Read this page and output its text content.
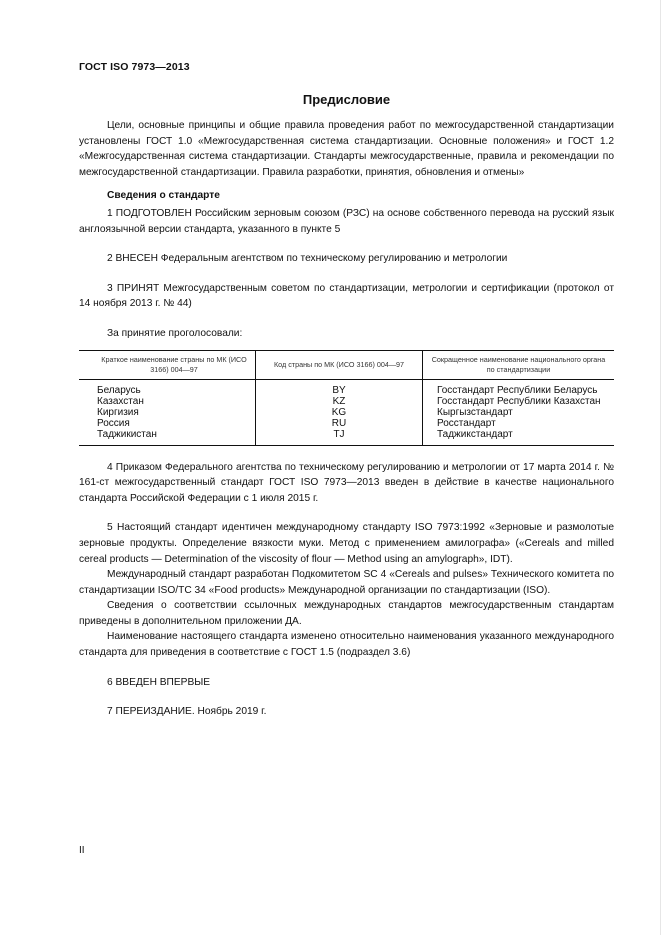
ГОСТ ISO 7973—2013
Предисловие

Цели, основные принципы и общие правила проведения работ по межгосударственной стандартизации установлены ГОСТ 1.0 «Межгосударственная система стандартизации. Основные положения» и ГОСТ 1.2 «Межгосударственная система стандартизации. Стандарты межгосударственные, правила и рекомендации по межгосударственной стандартизации. Правила разработки, принятия, обновления и отмены»

Сведения о стандарте

1 ПОДГОТОВЛЕН Российским зерновым союзом (РЗС) на основе собственного перевода на русский язык англоязычной версии стандарта, указанного в пункте 5

2 ВНЕСЕН Федеральным агентством по техническому регулированию и метрологии

3 ПРИНЯТ Межгосударственным советом по стандартизации, метрологии и сертификации (протокол от 14 ноября 2013 г. № 44)

За принятие проголосовали:

Краткое наименование страны по МК (ИСО 3166) 004—97	Код страны по МК (ИСО 3166) 004—97	Сокращенное наименование национального органа по стандартизации
Беларусь	BY	Госстандарт Республики Беларусь
Казахстан	KZ	Госстандарт Республики Казахстан
Киргизия	KG	Кыргызстандарт
Россия	RU	Росстандарт
Таджикистан	TJ	Таджикстандарт

4 Приказом Федерального агентства по техническому регулированию и метрологии от 17 марта 2014 г. № 161-ст межгосударственный стандарт ГОСТ ISO 7973—2013 введен в действие в качестве национального стандарта Российской Федерации с 1 июля 2015 г.

5 Настоящий стандарт идентичен международному стандарту ISO 7973:1992 «Зерновые и размолотые зерновые продукты. Определение вязкости муки. Метод с применением амилографа» («Cereals and milled cereal products — Determination of the viscosity of flour — Method using an amylograph», IDT).

Международный стандарт разработан Подкомитетом SC 4 «Cereals and pulses» Технического комитета по стандартизации ISO/TC 34 «Food products» Международной организации по стандартизации (ISO).

Сведения о соответствии ссылочных международных стандартов межгосударственным стандартам приведены в дополнительном приложении ДА.

Наименование настоящего стандарта изменено относительно наименования указанного международного стандарта для приведения в соответствие с ГОСТ 1.5 (подраздел 3.6)

6 ВВЕДЕН ВПЕРВЫЕ

7 ПЕРЕИЗДАНИЕ. Ноябрь 2019 г.

II
